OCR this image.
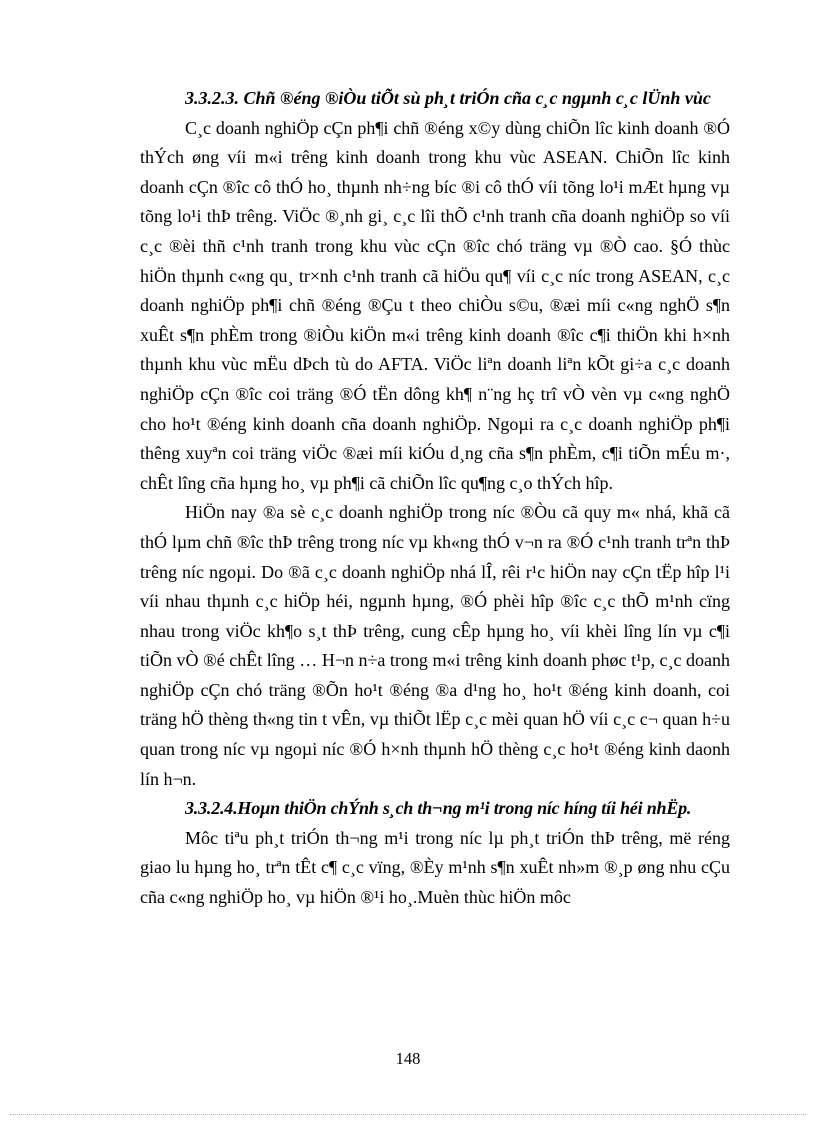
3.3.2.3. Chñ ®éng ®iÒu tiÕt sù ph¸t triÓn cña c¸c ngµnh c¸c lÜnh vùc

C¸c doanh nghiÖp cÇn ph¶i chñ ®éng x©y dùng chiÕn lîc kinh doanh ®Ó thÝch øng víi m«i trêng kinh doanh trong khu vùc ASEAN. ChiÕn lîc kinh doanh cÇn ®îc cô thÓ ho¸ thµnh nh÷ng bíc ®i cô thÓ víi tõng lo¹i mÆt hµng vµ tõng lo¹i thÞ trêng. ViÖc ®¸nh gi¸ c¸c lîi thÕ c¹nh tranh cña doanh nghiÖp so víi c¸c ®èi thñ c¹nh tranh trong khu vùc cÇn ®îc chó träng vµ ®Ò cao. §Ó thùc hiÖn thµnh c«ng qu¸ tr×nh c¹nh tranh cã hiÖu qu¶ víi c¸c níc trong ASEAN, c¸c doanh nghiÖp ph¶i chñ ®éng ®Çu t theo chiÒu s©u, ®æi míi c«ng nghÖ s¶n xuÊt s¶n phÈm trong ®iÒu kiÖn m«i trêng kinh doanh ®îc c¶i thiÖn khi h×nh thµnh khu vùc mËu dÞch tù do AFTA. ViÖc liªn doanh liªn kÕt gi÷a c¸c doanh nghiÖp cÇn ®îc coi träng ®Ó tËn dông kh¶ n¨ng hç trî vÒ vèn vµ c«ng nghÖ cho ho¹t ®éng kinh doanh cña doanh nghiÖp. Ngoµi ra c¸c doanh nghiÖp ph¶i thêng xuyªn coi träng viÖc ®æi míi kiÓu d¸ng cña s¶n phÈm, c¶i tiÕn mÉu m·, chÊt lîng cña hµng ho¸ vµ ph¶i cã chiÕn lîc qu¶ng c¸o thÝch hîp.

HiÖn nay ®a sè c¸c doanh nghiÖp trong níc ®Òu cã quy m« nhá, khã cã thÓ lµm chñ ®îc thÞ trêng trong níc vµ kh«ng thÓ v¬n ra ®Ó c¹nh tranh trªn thÞ trêng níc ngoµi. Do ®ã c¸c doanh nghiÖp nhá lÎ, rêi r¹c hiÖn nay cÇn tËp hîp l¹i víi nhau thµnh c¸c hiÖp héi, ngµnh hµng, ®Ó phèi hîp ®îc c¸c thÕ m¹nh cïng nhau trong viÖc kh¶o s¸t thÞ trêng, cung cÊp hµng ho¸ víi khèi lîng lín vµ c¶i tiÕn vÒ ®é chÊt lîng … H¬n n÷a trong m«i trêng kinh doanh phøc t¹p, c¸c doanh nghiÖp cÇn chó träng ®Õn ho¹t ®éng ®a d¹ng ho¸ ho¹t ®éng kinh doanh, coi träng hÖ thèng th«ng tin t vÊn, vµ thiÕt lËp c¸c mèi quan hÖ víi c¸c c¬ quan h÷u quan trong níc vµ ngoµi níc ®Ó h×nh thµnh hÖ thèng c¸c ho¹t ®éng kinh daonh lín h¬n.

3.3.2.4.Hoµn thiÖn chÝnh s¸ch th¬ng m¹i trong níc híng tíi héi nhËp.

Môc tiªu ph¸t triÓn th¬ng m¹i trong níc lµ ph¸t triÓn thÞ trêng, më réng giao lu hµng ho¸ trªn tÊt c¶ c¸c vïng, ®Èy m¹nh s¶n xuÊt nh»m ®¸p øng nhu cÇu cña c«ng nghiÖp ho¸ vµ hiÖn ®¹i ho¸.Muèn thùc hiÖn môc

148
